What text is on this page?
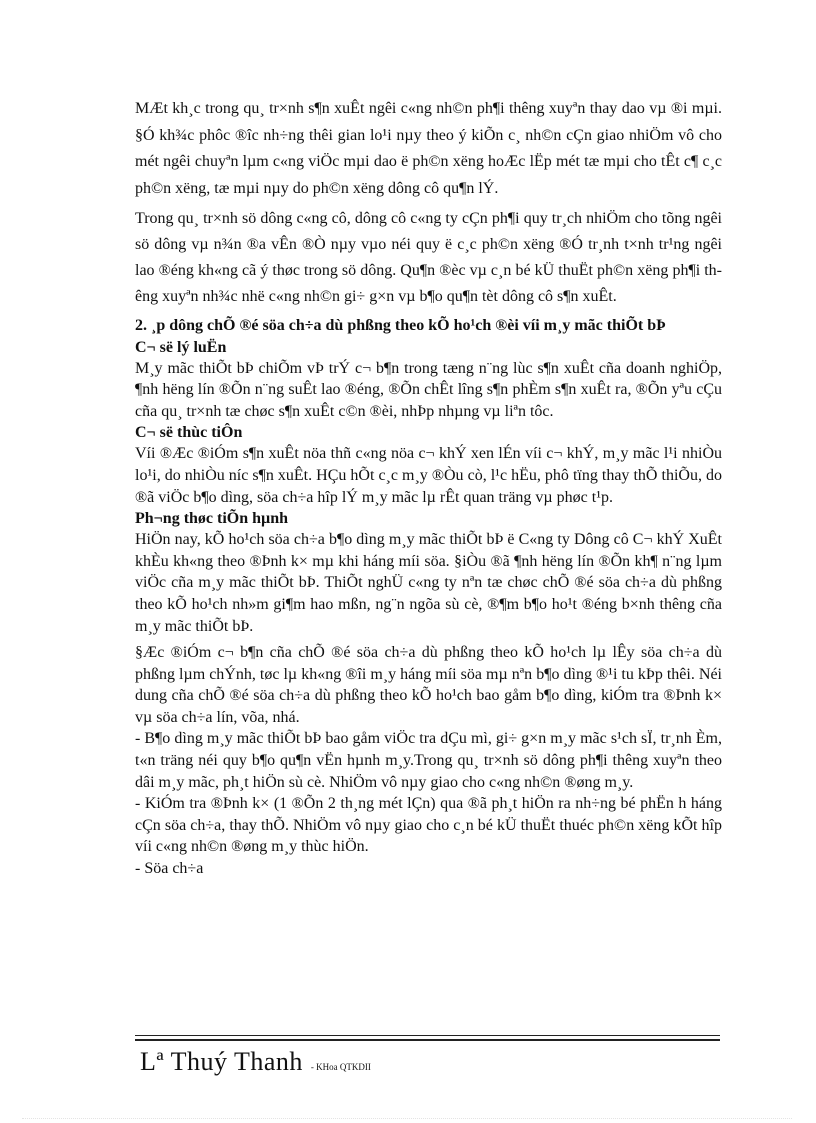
MÆt kh¸c trong qu¸ tr×nh s¶n xuÊt ngêi c«ng nh©n ph¶i thêng xuyªn thay dao vµ ®i mµi. §Ó kh¾c phôc ®îc nh÷ng thêi gian lo¹i nµy theo ý kiÕn c¸ nh©n cÇn giao nhiÖm vô cho mét ngêi chuyªn lµm c«ng viÖc mµi dao ë ph©n xëng hoÆc lËp mét tæ mµi cho tÊt c¶ c¸c ph©n xëng, tæ mµi nµy do ph©n xëng dông cô qu¶n lÝ.

Trong qu¸ tr×nh sö dông c«ng cô, dông cô c«ng ty cÇn ph¶i quy tr¸ch nhiÖm cho tõng ngêi sö dông vµ n¾n ®a vÊn ®Ò nµy vµo néi quy ë c¸c ph©n xëng ®Ó tr¸nh t×nh tr¹ng ngêi lao ®éng kh«ng cã ý thøc trong sö dông. Qu¶n ®èc vµ c¸n bé kÜ thuËt ph©n xëng ph¶i thêng xuyªn nh¾c nhë c«ng nh©n gi÷ g×n vµ b¶o qu¶n tèt dông cô s¶n xuÊt.

2. ¸p dông chÕ ®é söa ch÷a dù phßng theo kÕ ho¹ch ®èi víi m¸y mãc thiÕt bÞ

C¬ së lý luËn

M¸y mãc thiÕt bÞ chiÕm vÞ trÝ c¬ b¶n trong tæng n¨ng lùc s¶n xuÊt cña doanh nghiÖp, ¶nh hëng lín ®Õn n¨ng suÊt lao ®éng, ®Õn chÊt lîng s¶n phÈm s¶n xuÊt ra, ®Õn yªu cÇu cña qu¸ tr×nh tæ chøc s¶n xuÊt c©n ®èi, nhÞp nhµng vµ liªn tôc.

C¬ së thùc tiÔn

Víi ®Æc ®iÓm s¶n xuÊt nöa thñ c«ng nöa c¬ khÝ xen lÉn víi c¬ khÝ, m¸y mãc l¹i nhiÒu lo¹i, do nhiÒu níc s¶n xuÊt. HÇu hÕt c¸c m¸y ®Òu cò, l¹c hËu, phô tïng thay thÕ thiÕu, do ®ã viÖc b¶o dìng, söa ch÷a hîp lÝ m¸y mãc lµ rÊt quan träng vµ phøc t¹p.

Ph¬ng thøc tiÕn hµnh

HiÖn nay, kÕ ho¹ch söa ch÷a b¶o dìng m¸y mãc thiÕt bÞ ë C«ng ty Dông cô C¬ khÝ XuÊt khÈu kh«ng theo ®Þnh k× mµ khi háng míi söa. §iÒu ®ã ¶nh hëng lín ®Õn kh¶ n¨ng lµm viÖc cña m¸y mãc thiÕt bÞ. ThiÕt nghÜ c«ng ty nªn tæ chøc chÕ ®é söa ch÷a dù phßng theo kÕ ho¹ch nh»m gi¶m hao mßn, ng¨n ngõa sù cè, ®¶m b¶o ho¹t ®éng b×nh thêng cña m¸y mãc thiÕt bÞ.

§Æc ®iÓm c¬ b¶n cña chÕ ®é söa ch÷a dù phßng theo kÕ ho¹ch lµ lÊy söa ch÷a dù phßng lµm chÝnh, tøc lµ kh«ng ®îi m¸y háng míi söa mµ nªn b¶o dìng ®¹i tu kÞp thêi. Néi dung cña chÕ ®é söa ch÷a dù phßng theo kÕ ho¹ch bao gåm b¶o dìng, kiÓm tra ®Þnh k× vµ söa ch÷a lín, võa, nhá.

- B¶o dìng m¸y mãc thiÕt bÞ bao gåm viÖc tra dÇu mì, gi÷ g×n m¸y mãc s¹ch sÏ, tr¸nh Èm, t«n träng néi quy b¶o qu¶n vËn hµnh m¸y.Trong qu¸ tr×nh sö dông ph¶i thêng xuyªn theo dâi m¸y mãc, ph¸t hiÖn sù cè. NhiÖm vô nµy giao cho c«ng nh©n ®øng m¸y.

- KiÓm tra ®Þnh k× (1 ®Õn 2 th¸ng mét lÇn) qua ®ã ph¸t hiÖn ra nh÷ng bé phËn h háng cÇn söa ch÷a, thay thÕ. NhiÖm vô nµy giao cho c¸n bé kÜ thuËt thuéc ph©n xëng kÕt hîp víi c«ng nh©n ®øng m¸y thùc hiÖn.

- Söa ch÷a

Lª Thuý Thanh - KHoa QTKDII
